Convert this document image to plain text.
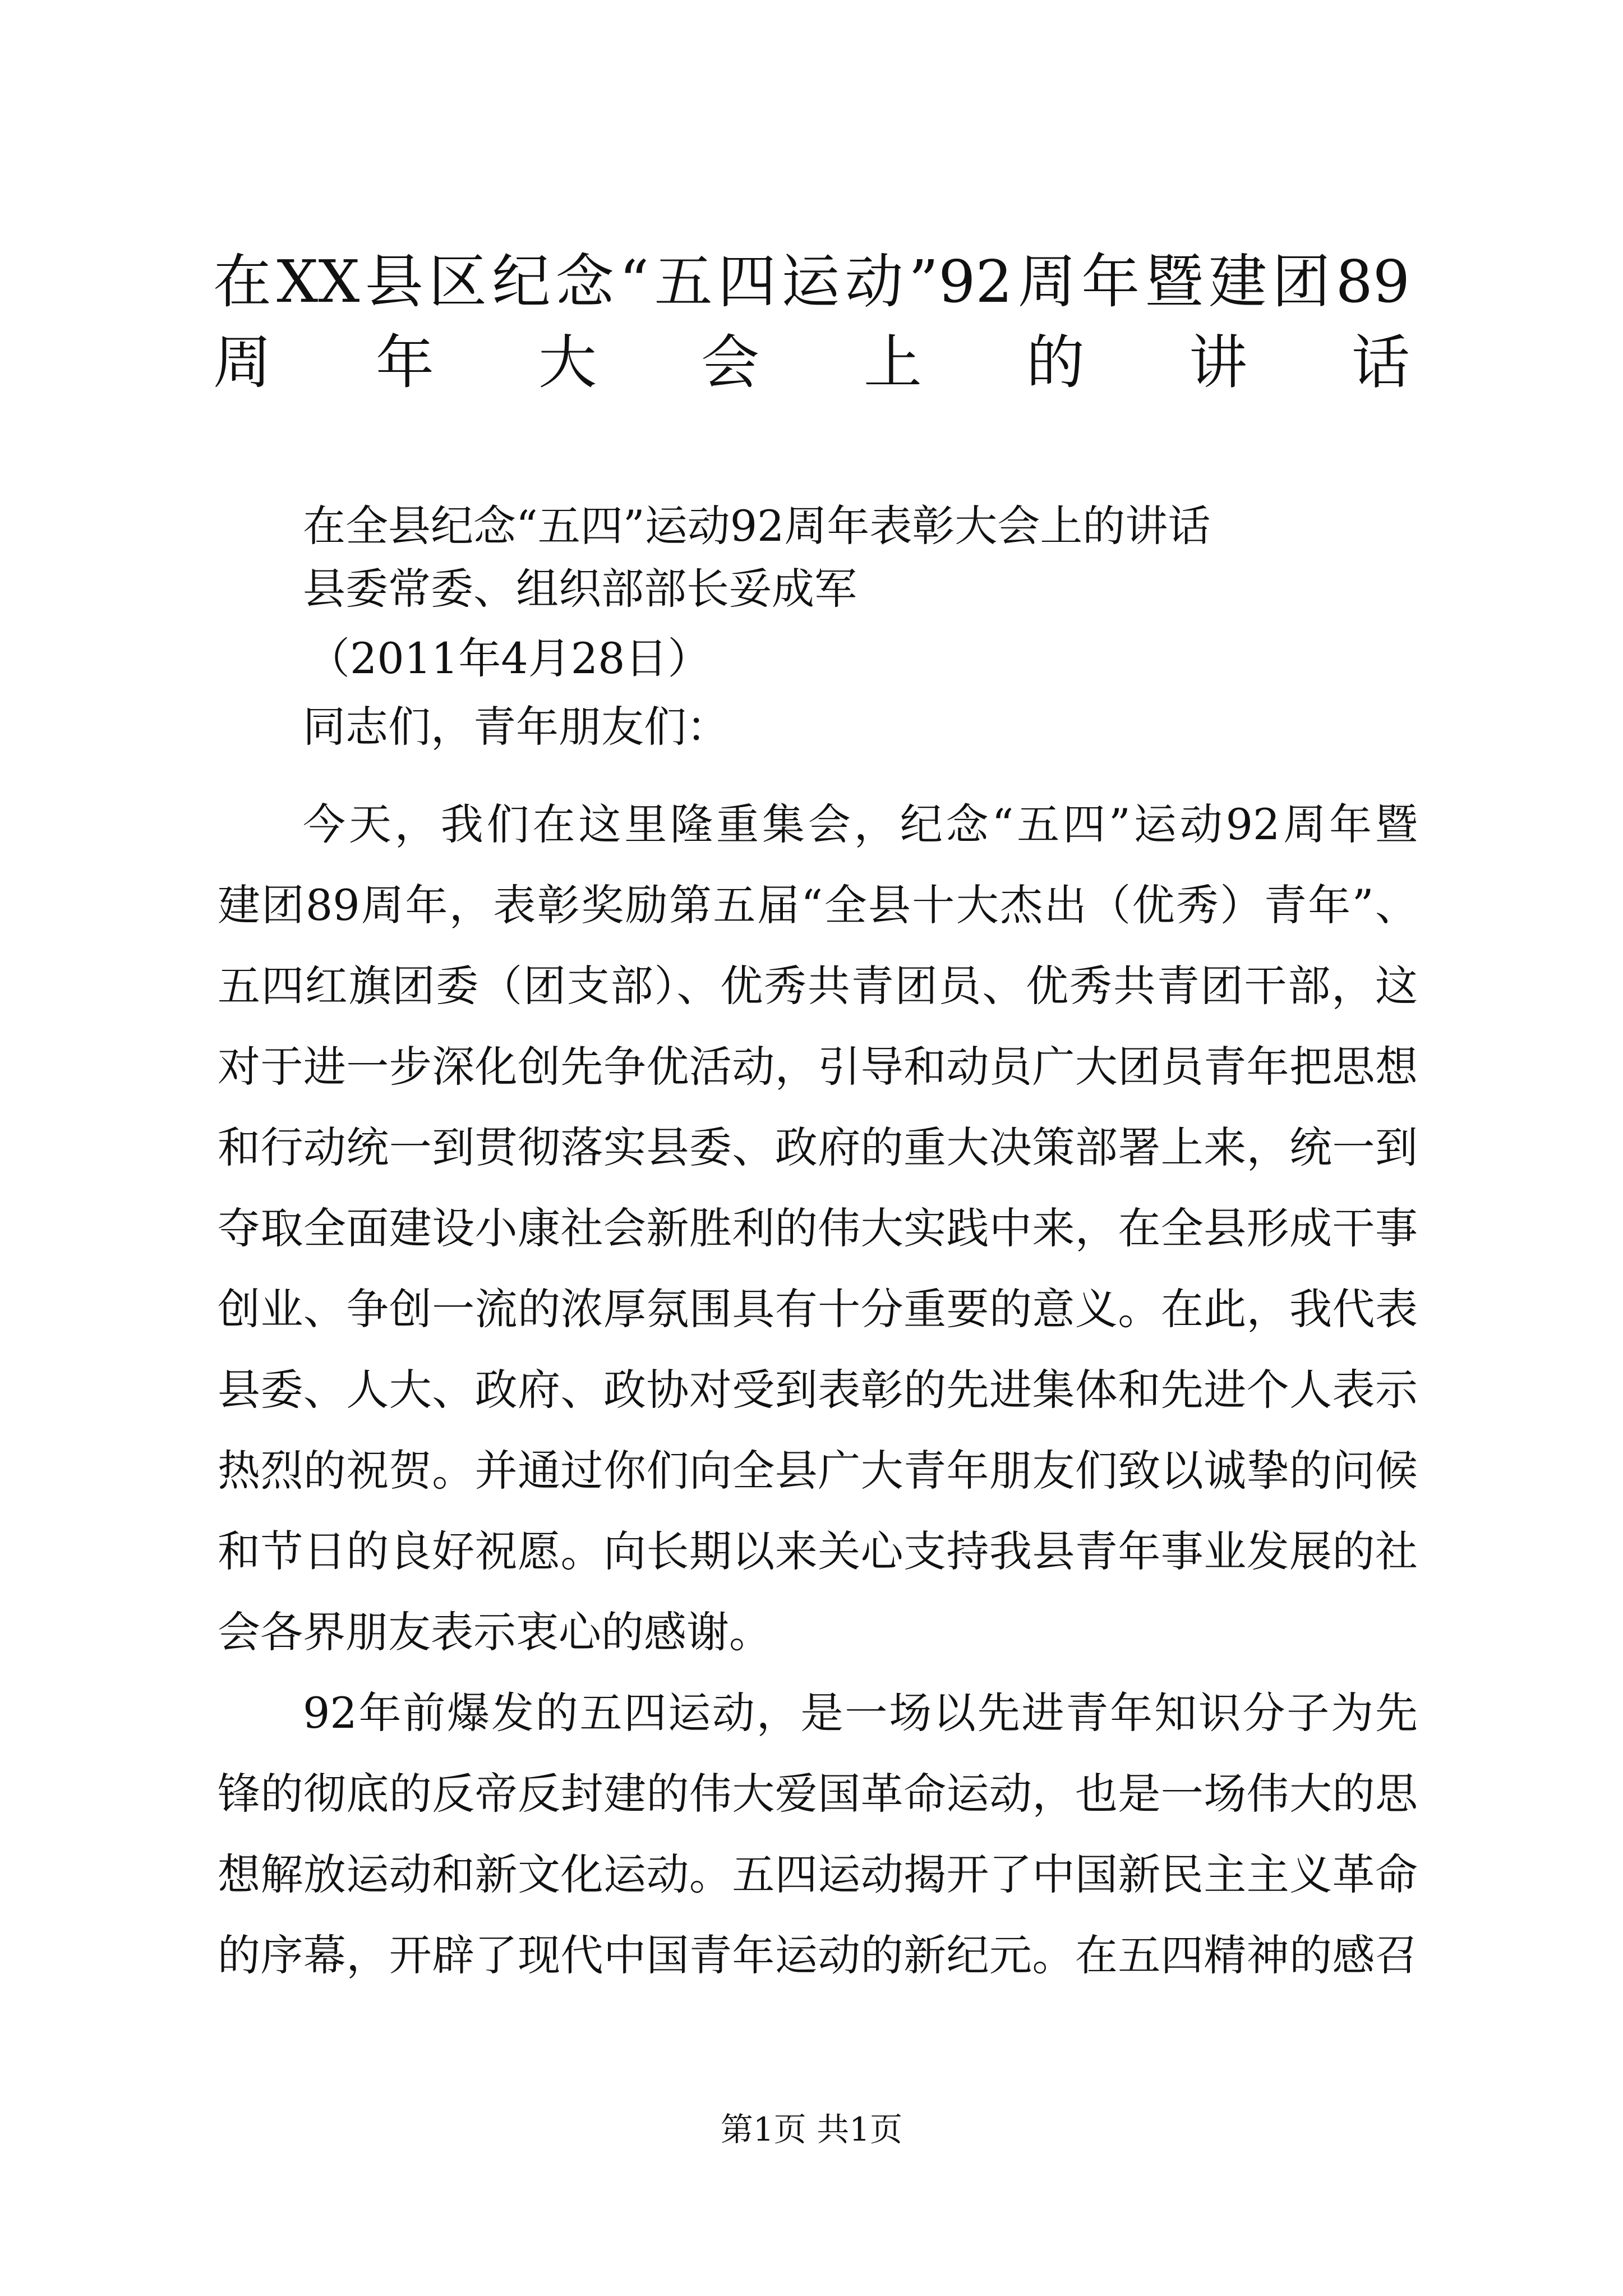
在XX县区纪念“五四运动”92周年暨建团89
周年大会上的讲话

在全县纪念“五四”运动92周年表彰大会上的讲话

县委常委、组织部部长妥成军

（2011年4月28日）

同志们，青年朋友们：

今天，我们在这里隆重集会，纪念“五四”运动92周年暨
建团89周年，表彰奖励第五届“全县十大杰出（优秀）青年”、
五四红旗团委（团支部）、优秀共青团员、优秀共青团干部，这
对于进一步深化创先争优活动，引导和动员广大团员青年把思想
和行动统一到贯彻落实县委、政府的重大决策部署上来，统一到
夺取全面建设小康社会新胜利的伟大实践中来，在全县形成干事
创业、争创一流的浓厚氛围具有十分重要的意义。在此，我代表
县委、人大、政府、政协对受到表彰的先进集体和先进个人表示
热烈的祝贺。并通过你们向全县广大青年朋友们致以诚挚的问候
和节日的良好祝愿。向长期以来关心支持我县青年事业发展的社
会各界朋友表示衷心的感谢。
92年前爆发的五四运动，是一场以先进青年知识分子为先
锋的彻底的反帝反封建的伟大爱国革命运动，也是一场伟大的思
想解放运动和新文化运动。五四运动揭开了中国新民主主义革命
的序幕，开辟了现代中国青年运动的新纪元。在五四精神的感召
第1页 共1页
